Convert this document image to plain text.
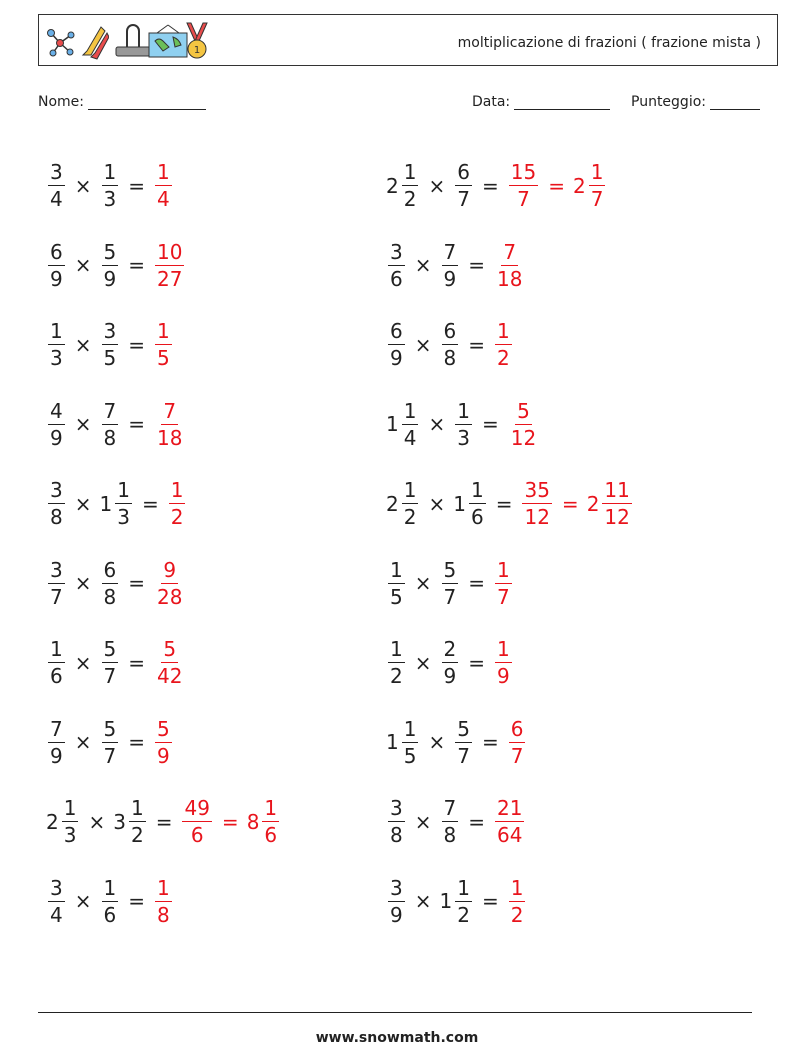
1	moltiplicazione di frazioni ( frazione mista )
Nome:	Data:	Punteggio:
$\frac{3}{4} \times \frac{1}{3} = \frac{1}{4}$
$\frac{6}{9} \times \frac{5}{9} = \frac{10}{27}$
$\frac{1}{3} \times \frac{3}{5} = \frac{1}{5}$
$\frac{4}{9} \times \frac{7}{8} = \frac{7}{18}$
$\frac{3}{8} \times 1 \frac{1}{3} = \frac{1}{2}$
$\frac{3}{7} \times \frac{6}{8} = \frac{9}{28}$
$\frac{1}{6} \times \frac{5}{7} = \frac{5}{42}$
$\frac{7}{9} \times \frac{5}{7} = \frac{5}{9}$
$2 \frac{1}{3} \times 3 \frac{1}{2} = \frac{49}{6} = 8 \frac{1}{6}$
$\frac{3}{4} \times \frac{1}{6} = \frac{1}{8}$
$2 \frac{1}{2} \times \frac{6}{7} = \frac{15}{7} = 2 \frac{1}{7}$
$\frac{3}{6} \times \frac{7}{9} = \frac{7}{18}$
$\frac{6}{9} \times \frac{6}{8} = \frac{1}{2}$
$1 \frac{1}{4} \times \frac{1}{3} = \frac{5}{12}$
$2 \frac{1}{2} \times 1 \frac{1}{6} = \frac{35}{12} = 2 \frac{11}{12}$
$\frac{1}{5} \times \frac{5}{7} = \frac{1}{7}$
$\frac{1}{2} \times \frac{2}{9} = \frac{1}{9}$
$1 \frac{1}{5} \times \frac{5}{7} = \frac{6}{7}$
$\frac{3}{8} \times \frac{7}{8} = \frac{21}{64}$
$\frac{3}{9} \times 1 \frac{1}{2} = \frac{1}{2}$
www.snowmath.com
